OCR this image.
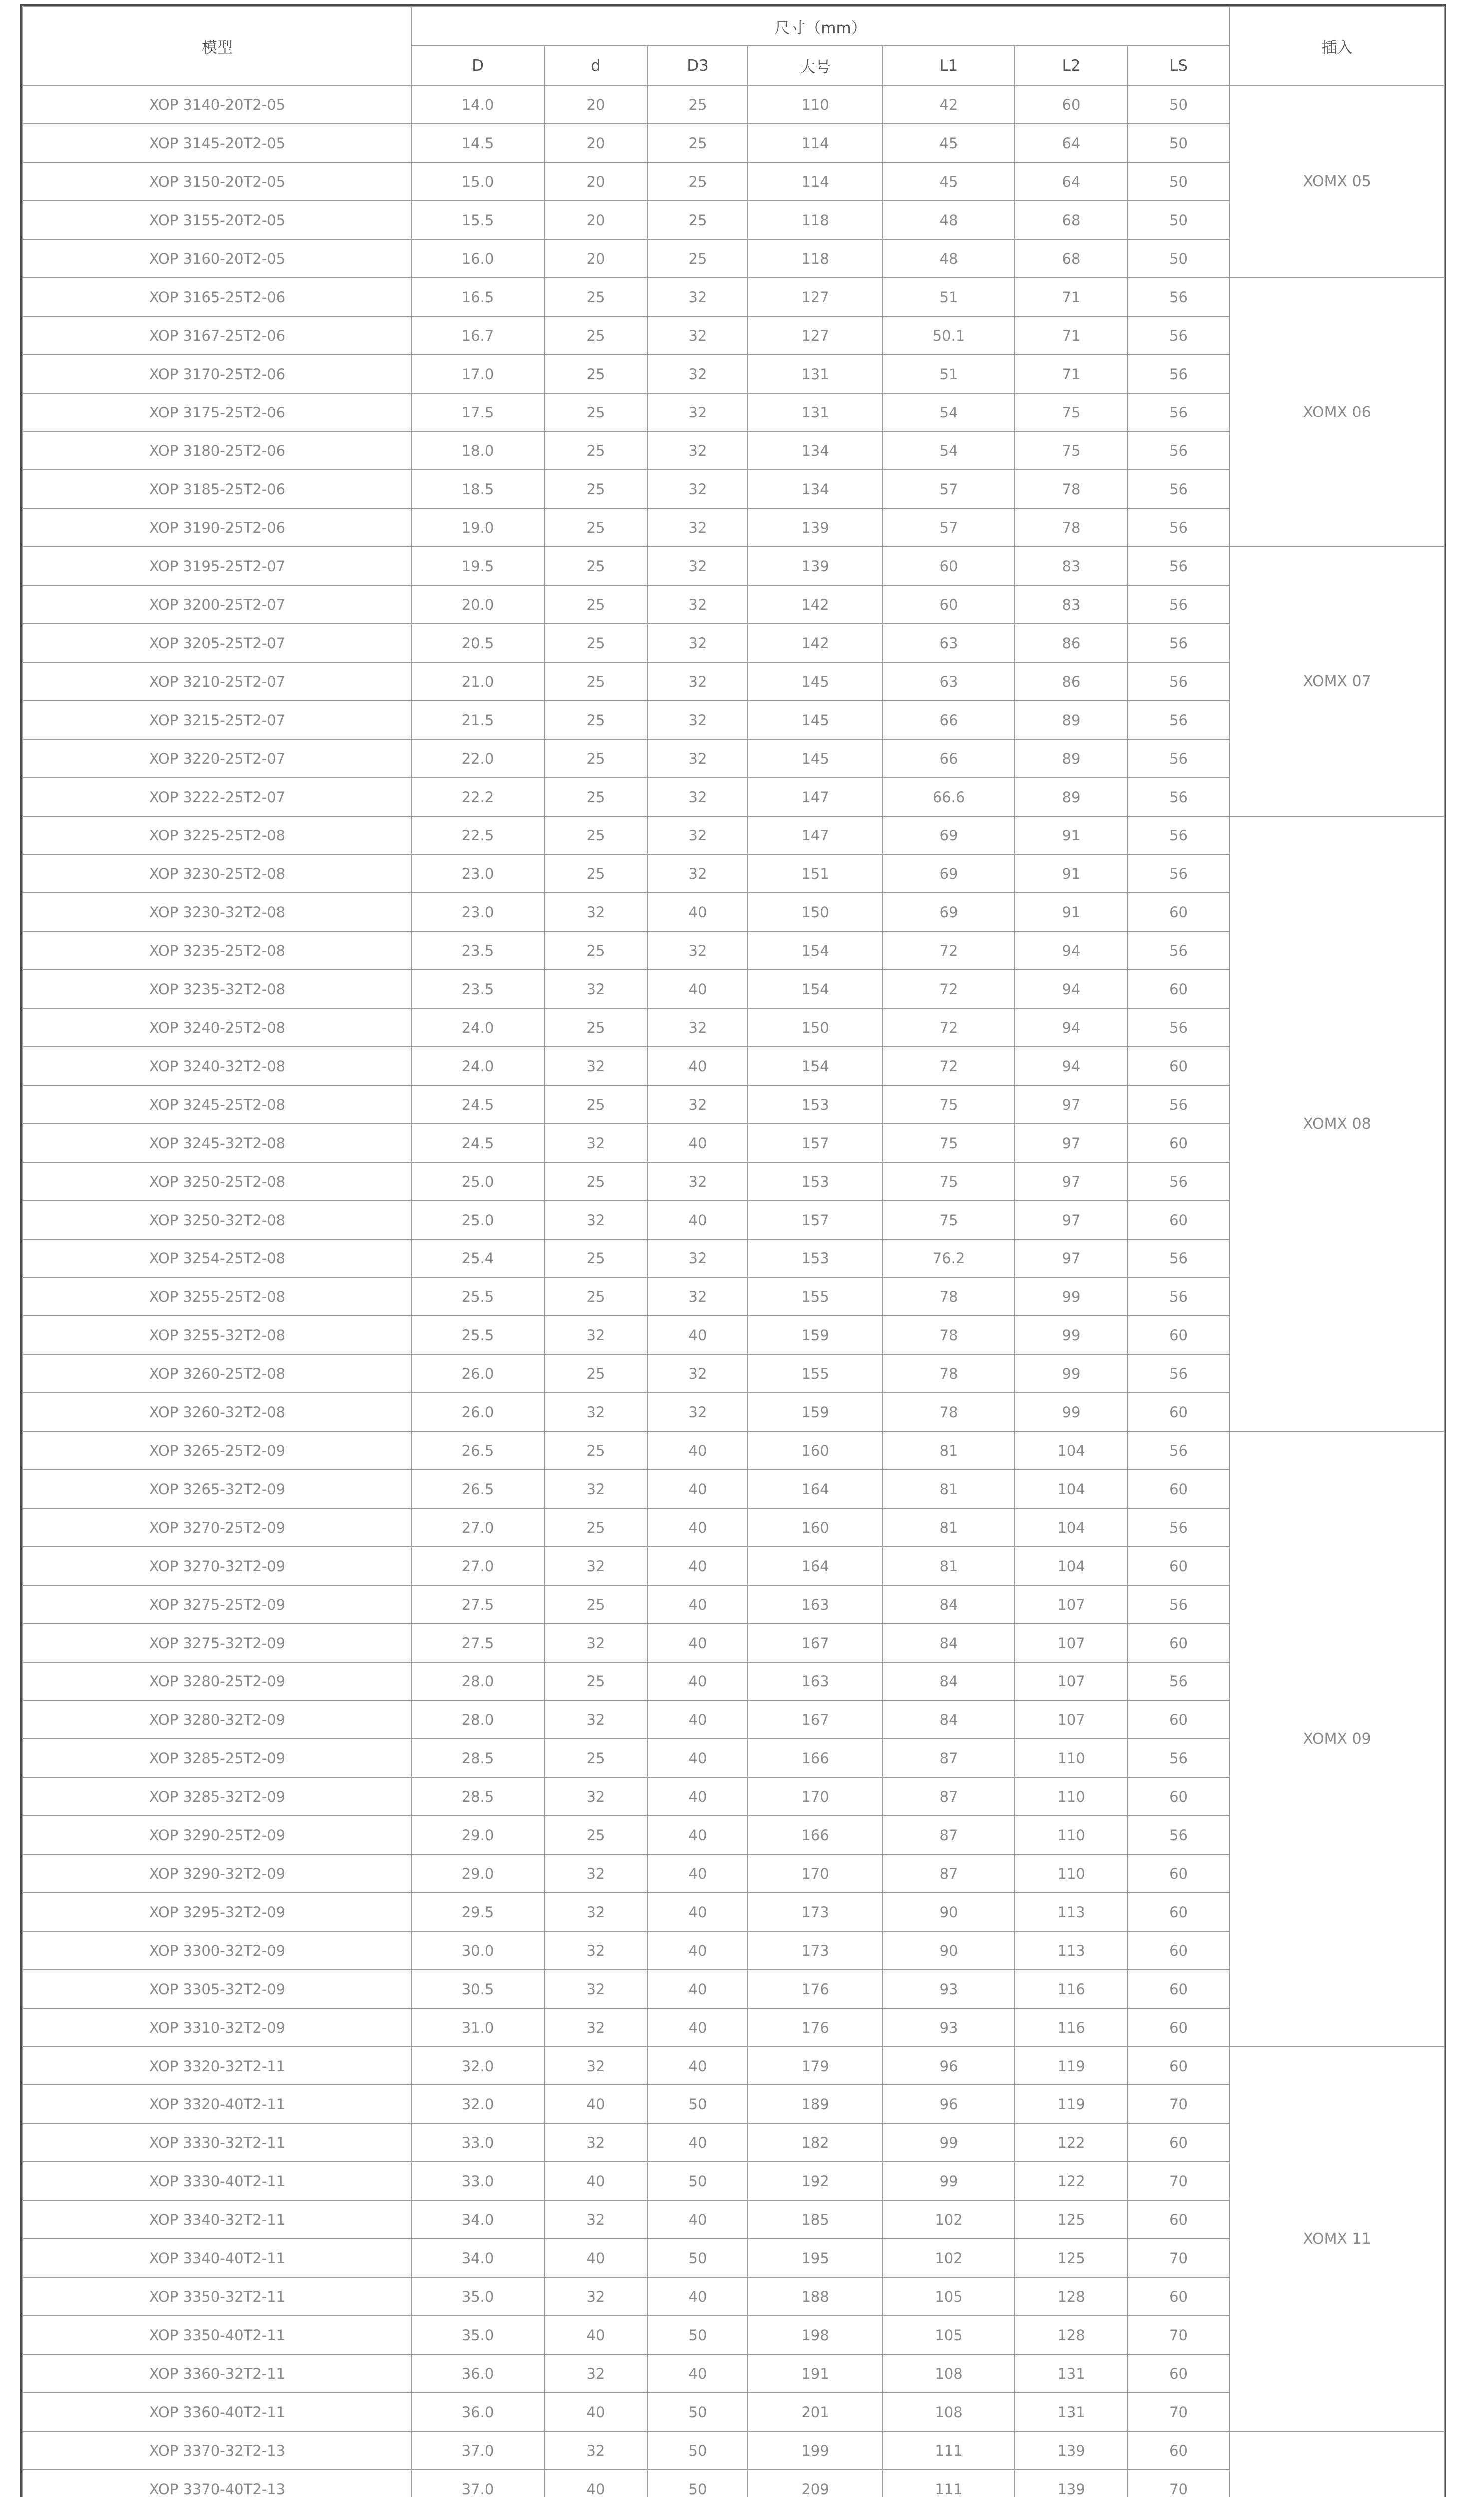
模型	尺寸（mm）							插入
	D	d	D3	大号	L1	L2	LS	
XOP 3140-20T2-05	14.0	20	25	110	42	60	50	XOMX 05
XOP 3145-20T2-05	14.5	20	25	114	45	64	50	
XOP 3150-20T2-05	15.0	20	25	114	45	64	50	
XOP 3155-20T2-05	15.5	20	25	118	48	68	50	
XOP 3160-20T2-05	16.0	20	25	118	48	68	50	
XOP 3165-25T2-06	16.5	25	32	127	51	71	56	XOMX 06
XOP 3167-25T2-06	16.7	25	32	127	50.1	71	56	
XOP 3170-25T2-06	17.0	25	32	131	51	71	56	
XOP 3175-25T2-06	17.5	25	32	131	54	75	56	
XOP 3180-25T2-06	18.0	25	32	134	54	75	56	
XOP 3185-25T2-06	18.5	25	32	134	57	78	56	
XOP 3190-25T2-06	19.0	25	32	139	57	78	56	
XOP 3195-25T2-07	19.5	25	32	139	60	83	56	XOMX 07
XOP 3200-25T2-07	20.0	25	32	142	60	83	56	
XOP 3205-25T2-07	20.5	25	32	142	63	86	56	
XOP 3210-25T2-07	21.0	25	32	145	63	86	56	
XOP 3215-25T2-07	21.5	25	32	145	66	89	56	
XOP 3220-25T2-07	22.0	25	32	145	66	89	56	
XOP 3222-25T2-07	22.2	25	32	147	66.6	89	56	
XOP 3225-25T2-08	22.5	25	32	147	69	91	56	XOMX 08
XOP 3230-25T2-08	23.0	25	32	151	69	91	56	
XOP 3230-32T2-08	23.0	32	40	150	69	91	60	
XOP 3235-25T2-08	23.5	25	32	154	72	94	56	
XOP 3235-32T2-08	23.5	32	40	154	72	94	60	
XOP 3240-25T2-08	24.0	25	32	150	72	94	56	
XOP 3240-32T2-08	24.0	32	40	154	72	94	60	
XOP 3245-25T2-08	24.5	25	32	153	75	97	56	
XOP 3245-32T2-08	24.5	32	40	157	75	97	60	
XOP 3250-25T2-08	25.0	25	32	153	75	97	56	
XOP 3250-32T2-08	25.0	32	40	157	75	97	60	
XOP 3254-25T2-08	25.4	25	32	153	76.2	97	56	
XOP 3255-25T2-08	25.5	25	32	155	78	99	56	
XOP 3255-32T2-08	25.5	32	40	159	78	99	60	
XOP 3260-25T2-08	26.0	25	32	155	78	99	56	
XOP 3260-32T2-08	26.0	32	32	159	78	99	60	
XOP 3265-25T2-09	26.5	25	40	160	81	104	56	XOMX 09
XOP 3265-32T2-09	26.5	32	40	164	81	104	60	
XOP 3270-25T2-09	27.0	25	40	160	81	104	56	
XOP 3270-32T2-09	27.0	32	40	164	81	104	60	
XOP 3275-25T2-09	27.5	25	40	163	84	107	56	
XOP 3275-32T2-09	27.5	32	40	167	84	107	60	
XOP 3280-25T2-09	28.0	25	40	163	84	107	56	
XOP 3280-32T2-09	28.0	32	40	167	84	107	60	
XOP 3285-25T2-09	28.5	25	40	166	87	110	56	
XOP 3285-32T2-09	28.5	32	40	170	87	110	60	
XOP 3290-25T2-09	29.0	25	40	166	87	110	56	
XOP 3290-32T2-09	29.0	32	40	170	87	110	60	
XOP 3295-32T2-09	29.5	32	40	173	90	113	60	
XOP 3300-32T2-09	30.0	32	40	173	90	113	60	
XOP 3305-32T2-09	30.5	32	40	176	93	116	60	
XOP 3310-32T2-09	31.0	32	40	176	93	116	60	
XOP 3320-32T2-11	32.0	32	40	179	96	119	60	XOMX 11
XOP 3320-40T2-11	32.0	40	50	189	96	119	70	
XOP 3330-32T2-11	33.0	32	40	182	99	122	60	
XOP 3330-40T2-11	33.0	40	50	192	99	122	70	
XOP 3340-32T2-11	34.0	32	40	185	102	125	60	
XOP 3340-40T2-11	34.0	40	50	195	102	125	70	
XOP 3350-32T2-11	35.0	32	40	188	105	128	60	
XOP 3350-40T2-11	35.0	40	50	198	105	128	70	
XOP 3360-32T2-11	36.0	32	40	191	108	131	60	
XOP 3360-40T2-11	36.0	40	50	201	108	131	70	
XOP 3370-32T2-13	37.0	32	50	199	111	139	60	
XOP 3370-40T2-13	37.0	40	50	209	111	139	70	
